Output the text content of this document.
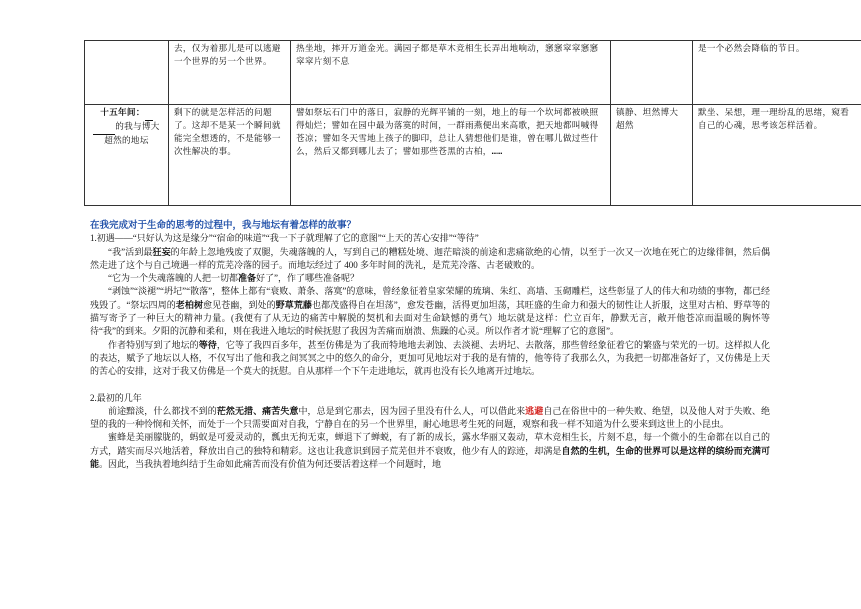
	去，仅为着那儿是可以逃避一个世界的另一个世界。	热坐地，摔开万道金光。满园子都是草木竞相生长弄出地响动，窸窸窣窣窸窸窣窣片刻不息		是一个必然会降临的节日。
十五年间：
的我与博大超然的地坛	剩下的就是怎样活的问题了。这却不是某一个瞬间就能完全想透的，不是能够一次性解决的事。	譬如祭坛石门中的落日，寂静的光辉平铺的一刻，地上的每一个坎坷都被映照得灿烂；譬如在园中最为落寞的时间，一群雨燕便出来高歌，把天地都叫喊得苍凉；譬如冬天雪地上孩子的脚印，总让人猜想他们是谁，曾在哪儿做过些什么，然后又都到哪儿去了；譬如那些苍黑的古柏，……	镇静、坦然博大超然	默坐、呆想，理一理纷乱的思绪，窥看自己的心魂，思考该怎样活着。

在我完成对于生命的思考的过程中，我与地坛有着怎样的故事？

1.初遇——“只好认为这是缘分”“宿命的味道”“我一下子就理解了它的意图”“上天的苦心安排”“等待”

“我”活到最狂妄的年龄上忽地残废了双腿，失魂落魄的人，写到自己的糟糕处境、迦茫暗淡的前途和悲痛欲绝的心情，以至于一次又一次地在死亡的边缘徘徊，然后偶然走进了这个与自己境遇一样的荒芜冷落的园子。而地坛经过了 400 多年时间的洗礼，是荒芜冷落、古老破败的。

“它为一个失魂落魄的人把一切都准备好了”，作了哪些准备呢？

“剥蚀”“淡褪”“坍圮”“散落”，整体上都有“衰败、萧条、落寞”的意味，曾经象征着皇家荣耀的琉璃、朱红、高墙、玉砌雕栏，这些彰显了人的伟大和功绩的事物，都已经残毁了。“祭坛四周的老柏树愈见苍幽，到处的野草荒藤也都茂盛得自在坦荡”，愈发苍幽，活得更加坦荡，其旺盛的生命力和强大的韧性让人折服，这里对古柏、野草等的描写寄予了一种巨大的精神力量。(我便有了从无边的痛苦中解脱的契机和去面对生命缺憾的勇气）地坛就是这样：伫立百年，静默无言，敞开他苍凉而温暖的胸怀等待“我”的到来。夕阳的沉静和柔和，则在我进入地坛的时候抚慰了我因为苦痛而崩溃、焦躁的心灵。所以作者才说“理解了它的意图”。

作者特别写到了地坛的等待，它等了我四百多年，甚至仿佛是为了我而特地地去剥蚀、去淡褪、去坍圮、去散落，那些曾经象征着它的繁盛与荣光的一切。这样拟人化的表达，赋予了地坛以人格，不仅写出了他和我之间冥冥之中的悠久的命分，更加可见地坛对于我的是有情的，他等待了我那么久，为我把一切都准备好了，又仿佛是上天的苦心的安排，这对于我又仿佛是一个莫大的抚慰。自从那样一个下午走进地坛，就再也没有长久地离开过地坛。

2.最初的几年

前途黯淡，什么都找不到的茫然无措、痛苦失意中，总是到它那去，因为园子里没有什么人，可以借此来逃避自己在俗世中的一种失败、绝望，以及他人对于失败、绝望的我的一种怜悯和关怀，而处于一个只需要面对自我，宁静自在的另一个世界里，耐心地思考生死的问题，观察和我一样不知道为什么要来到这世上的小昆虫。

蜜蜂是美丽朦胧的，蚂蚁是可爱灵动的，瓢虫无拘无束，蝉退下了蝉蜕，有了新的成长，露水华丽又轰动，草木竞相生长，片刻不息，每一个微小的生命都在以自己的方式，踏实而尽兴地活着，释放出自己的独特和精彩。这也让我意识到园子荒芜但并不衰败，他少有人的踪迹，却满是自然的生机，生命的世界可以是这样的缤纷而充满可能。因此，当我执着地纠结于生命如此痛苦而没有价值为何还要活着这样一个问题时，地
